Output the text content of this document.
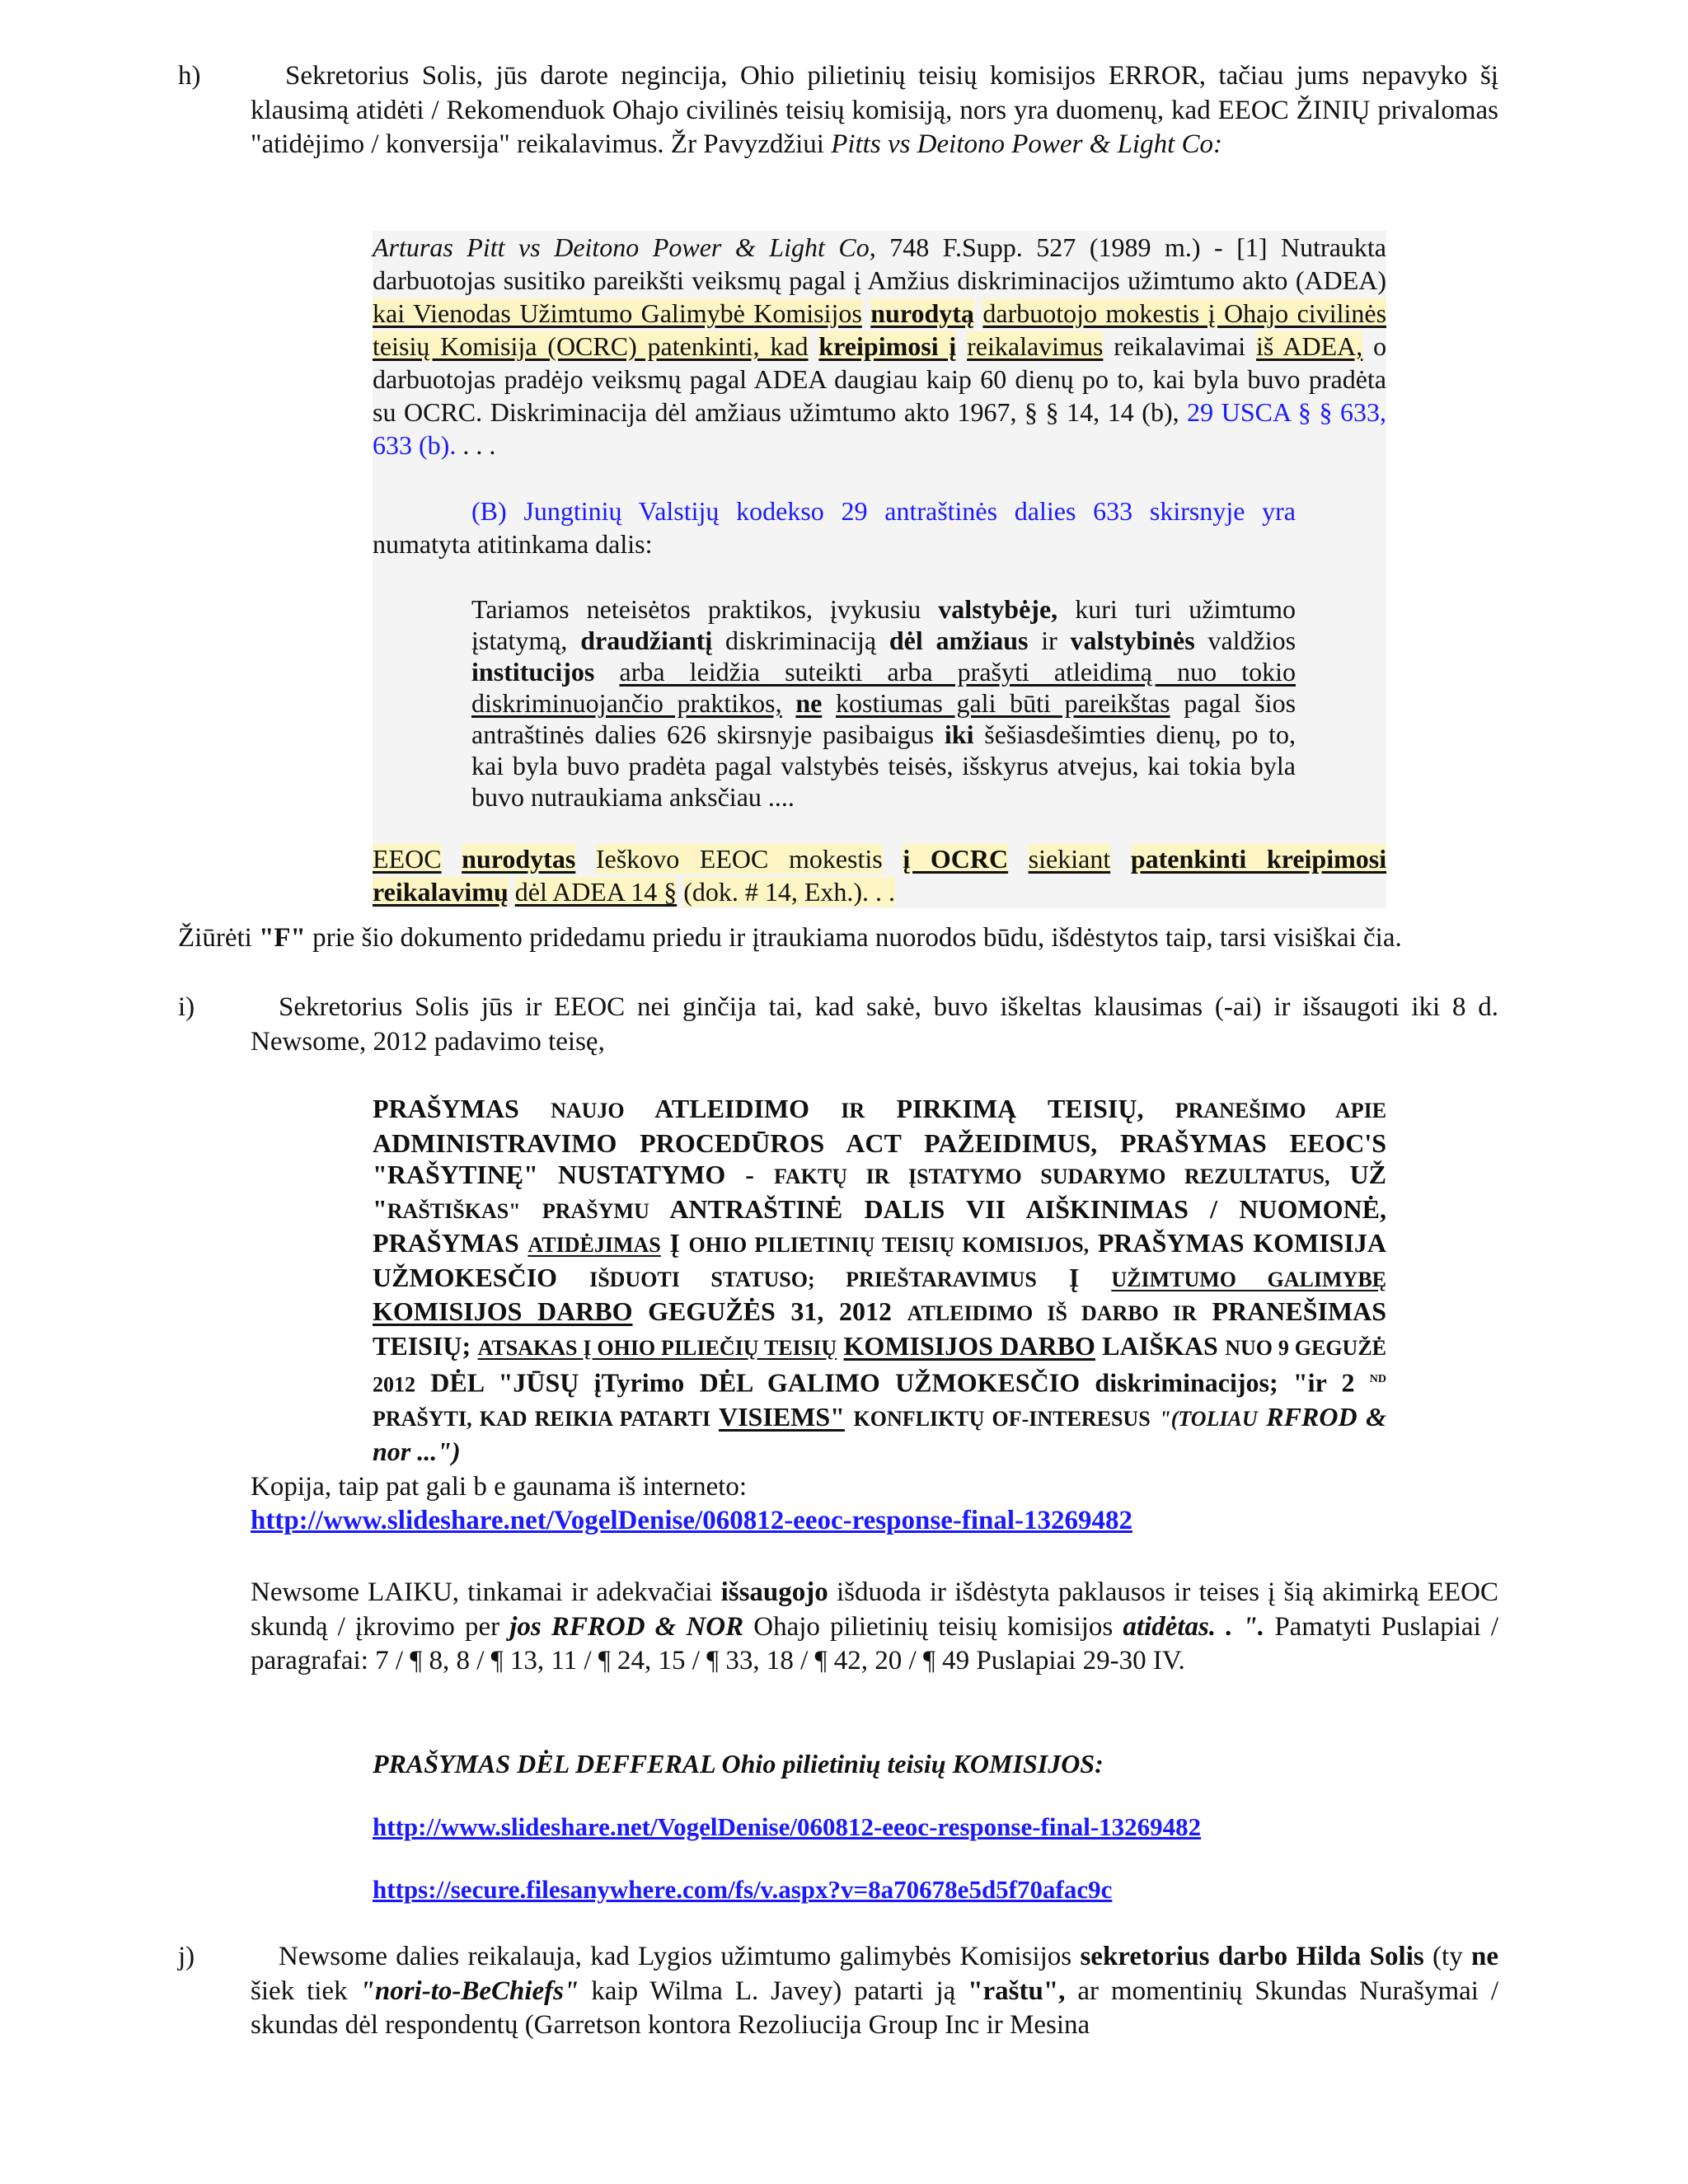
h)	Sekretorius Solis, jūs darote negincija, Ohio pilietinių teisių komisijos ERROR, tačiau jums nepavyko šį klausimą atidėti / Rekomenduok Ohajo civilinės teisių komisiją, nors yra duomenų, kad EEOC ŽINIŲ privalomas "atidėjimo / konversija" reikalavimus. Žr Pavyzdžiui Pitts vs Deitono Power & Light Co:
Arturas Pitt vs Deitono Power & Light Co, 748 F.Supp. 527 (1989 m.) - [1] Nutraukta darbuotojas susitiko pareikšti veiksmų pagal į Amžius diskriminacijos užimtumo akto (ADEA) kai Vienodas Užimtumo Galimybė Komisijos nurodytą darbuotojo mokestis į Ohajo civilinės teisių Komisija (OCRC) patenkinti, kad kreipimosi į reikalavimus reikalavimai iš ADEA, o darbuotojas pradėjo veiksmų pagal ADEA daugiau kaip 60 dienų po to, kai byla buvo pradėta su OCRC. Diskriminacija dėl amžiaus užimtumo akto 1967, § § 14, 14 (b), 29 USCA § § 633, 633 (b). . . .
(B) Jungtinių Valstijų kodekso 29 antraštinės dalies 633 skirsnyje yra
numatyta atitinkama dalis:
Tariamos neteisėtos praktikos, įvykusiu valstybėje, kuri turi užimtumo įstatymą, draudžiantį diskriminaciją dėl amžiaus ir valstybinės valdžios institucijos arba leidžia suteikti arba prašyti atleidimą nuo tokio diskriminuojančio praktikos, ne kostiumas gali būti pareikštas pagal šios antraštinės dalies 626 skirsnyje pasibaigus iki šešiasdešimties dienų, po to, kai byla buvo pradėta pagal valstybės teisės, išskyrus atvejus, kai tokia byla buvo nutraukiama anksčiau ....
EEOC nurodytas Ieškovo EEOC mokestis į OCRC siekiant patenkinti kreipimosi reikalavimų dėl ADEA 14 § (dok. # 14, Exh.). . .
Žiūrėti "F" prie šio dokumento pridedamu priedu ir įtraukiama nuorodos būdu, išdėstytos taip, tarsi visiškai čia.
i)	Sekretorius Solis jūs ir EEOC nei ginčija tai, kad sakė, buvo iškeltas klausimas (-ai) ir išsaugoti iki 8 d. Newsome, 2012 padavimo teisę,
PRAŠYMAS NAUJO ATLEIDIMO IR PIRKIMĄ TEISIŲ, PRANEŠIMO APIE ADMINISTRAVIMO PROCEDŪROS ACT PAŽEIDIMUS, PRAŠYMAS EEOC'S "RAŠYTINĘ" NUSTATYMO - FAKTŲ IR ĮSTATYMO SUDARYMO REZULTATUS, UŽ "RAŠTIŠKAS" PRAŠYMU ANTRAŠTINĖ DALIS VII AIŠKINIMAS / NUOMONĖ, PRAŠYMAS ATIDĖJIMAS Į OHIO PILIETINIŲ TEISIŲ KOMISIJOS, PRAŠYMAS KOMISIJA UŽMOKESČIO IŠDUOTI STATUSO; PRIEŠTARAVIMUS Į UŽIMTUMO GALIMYBĘ KOMISIJOS DARBO GEGUŽĖS 31, 2012 ATLEIDIMO IŠ DARBO IR PRANEŠIMAS TEISIŲ; ATSAKAS Į OHIO PILIEČIŲ TEISIŲ KOMISIJOS DARBO LAIŠKAS NUO 9 GEGUŽĖ 2012 DĖL "JŪSŲ įTyrimo DĖL GALIMO UŽMOKESČIO diskriminacijos; "ir 2 $^{ND}$ PRAŠYTI, KAD REIKIA PATARTI VISIEMS" KONFLIKTŲ OF-INTERESUS "(TOLIAU RFROD & nor ...")
Kopija, taip pat gali b e gaunama iš interneto:
http://www.slideshare.net/VogelDenise/060812-eeoc-response-final-13269482
Newsome LAIKU, tinkamai ir adekvačiai išsaugojo išduoda ir išdėstyta paklausos ir teises į šią akimirką EEOC skundą / įkrovimo per jos RFROD & NOR Ohajo pilietinių teisių komisijos atidėtas. . ". Pamatyti Puslapiai / paragrafai: 7 / ¶ 8, 8 / ¶ 13, 11 / ¶ 24, 15 / ¶ 33, 18 / ¶ 42, 20 / ¶ 49 Puslapiai 29-30 IV.
PRAŠYMAS DĖL DEFFERAL Ohio pilietinių teisių KOMISIJOS:
http://www.slideshare.net/VogelDenise/060812-eeoc-response-final-13269482
https://secure.filesanywhere.com/fs/v.aspx?v=8a70678e5d5f70afac9c
j)	Newsome dalies reikalauja, kad Lygios užimtumo galimybės Komisijos sekretorius darbo Hilda Solis (ty ne šiek tiek "nori-to-BeChiefs" kaip Wilma L. Javey) patarti ją "raštu", ar momentinių Skundas Nurašymai / skundas dėl respondentų (Garretson kontora Rezoliucija Group Inc ir Mesina
